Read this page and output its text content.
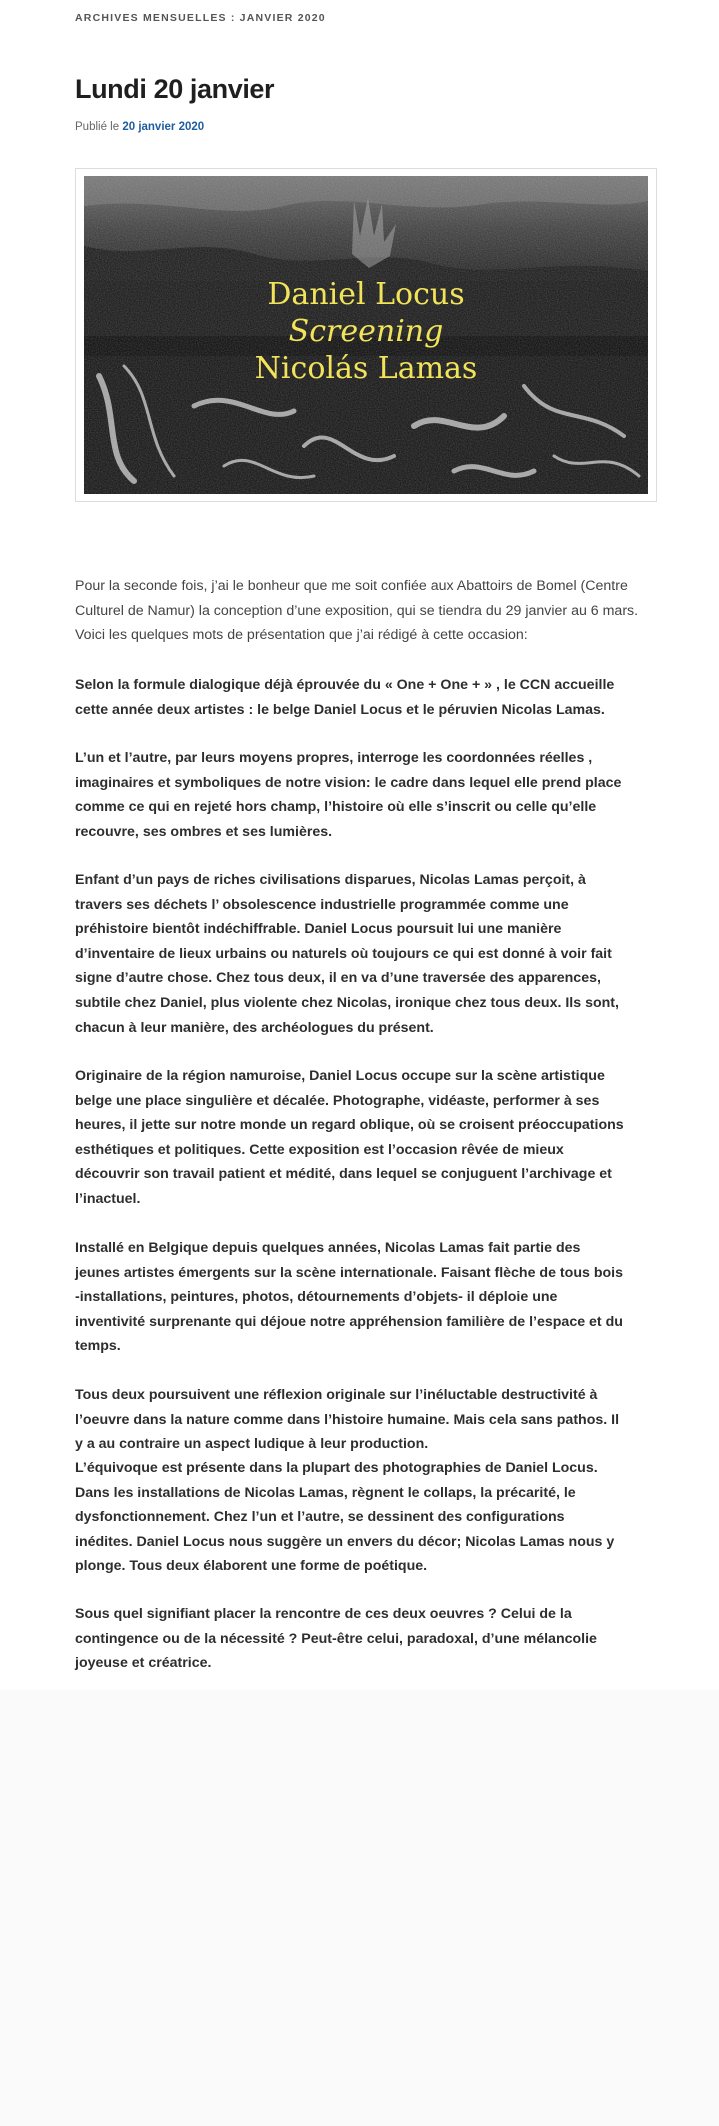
ARCHIVES MENSUELLES : JANVIER 2020
Lundi 20 janvier
Publié le 20 janvier 2020
Daniel Locus
Screening
Nicolás Lamas

Pour la seconde fois, j’ai le bonheur que me soit confiée aux Abattoirs de Bomel (Centre
Culturel de Namur) la conception d’une exposition, qui se tiendra du 29 janvier au 6 mars.
Voici les quelques mots de présentation que j’ai rédigé à cette occasion:

Selon la formule dialogique déjà éprouvée du « One + One + » , le CCN accueille
cette année deux artistes : le belge Daniel Locus et le péruvien Nicolas Lamas.

L’un et l’autre, par leurs moyens propres, interroge les coordonnées réelles ,
imaginaires et symboliques de notre vision: le cadre dans lequel elle prend place
comme ce qui en rejeté hors champ, l’histoire où elle s’inscrit ou celle qu’elle
recouvre, ses ombres et ses lumières.

Enfant d’un pays de riches civilisations disparues, Nicolas Lamas perçoit, à
travers ses déchets l’ obsolescence industrielle programmée comme une
préhistoire bientôt indéchiffrable. Daniel Locus poursuit lui une manière
d’inventaire de lieux urbains ou naturels où toujours ce qui est donné à voir fait
signe d’autre chose. Chez tous deux, il en va d’une traversée des apparences,
subtile chez Daniel, plus violente chez Nicolas, ironique chez tous deux. Ils sont,
chacun à leur manière, des archéologues du présent.

Originaire de la région namuroise, Daniel Locus occupe sur la scène artistique
belge une place singulière et décalée. Photographe, vidéaste, performer à ses
heures, il jette sur notre monde un regard oblique, où se croisent préoccupations
esthétiques et politiques. Cette exposition est l’occasion rêvée de mieux
découvrir son travail patient et médité, dans lequel se conjuguent l’archivage et
l’inactuel.

Installé en Belgique depuis quelques années, Nicolas Lamas fait partie des
jeunes artistes émergents sur la scène internationale. Faisant flèche de tous bois
-installations, peintures, photos, détournements d’objets- il déploie une
inventivité surprenante qui déjoue notre appréhension familière de l’espace et du
temps.

Tous deux poursuivent une réflexion originale sur l’inéluctable destructivité à
l’oeuvre dans la nature comme dans l’histoire humaine. Mais cela sans pathos. Il
y a au contraire un aspect ludique à leur production.

L’équivoque est présente dans la plupart des photographies de Daniel Locus.
Dans les installations de Nicolas Lamas, règnent le collaps, la précarité, le
dysfonctionnement. Chez l’un et l’autre, se dessinent des configurations
inédites. Daniel Locus nous suggère un envers du décor; Nicolas Lamas nous y
plonge. Tous deux élaborent une forme de poétique.

Sous quel signifiant placer la rencontre de ces deux oeuvres ? Celui de la
contingence ou de la nécessité ? Peut-être celui, paradoxal, d’une mélancolie
joyeuse et créatrice.
